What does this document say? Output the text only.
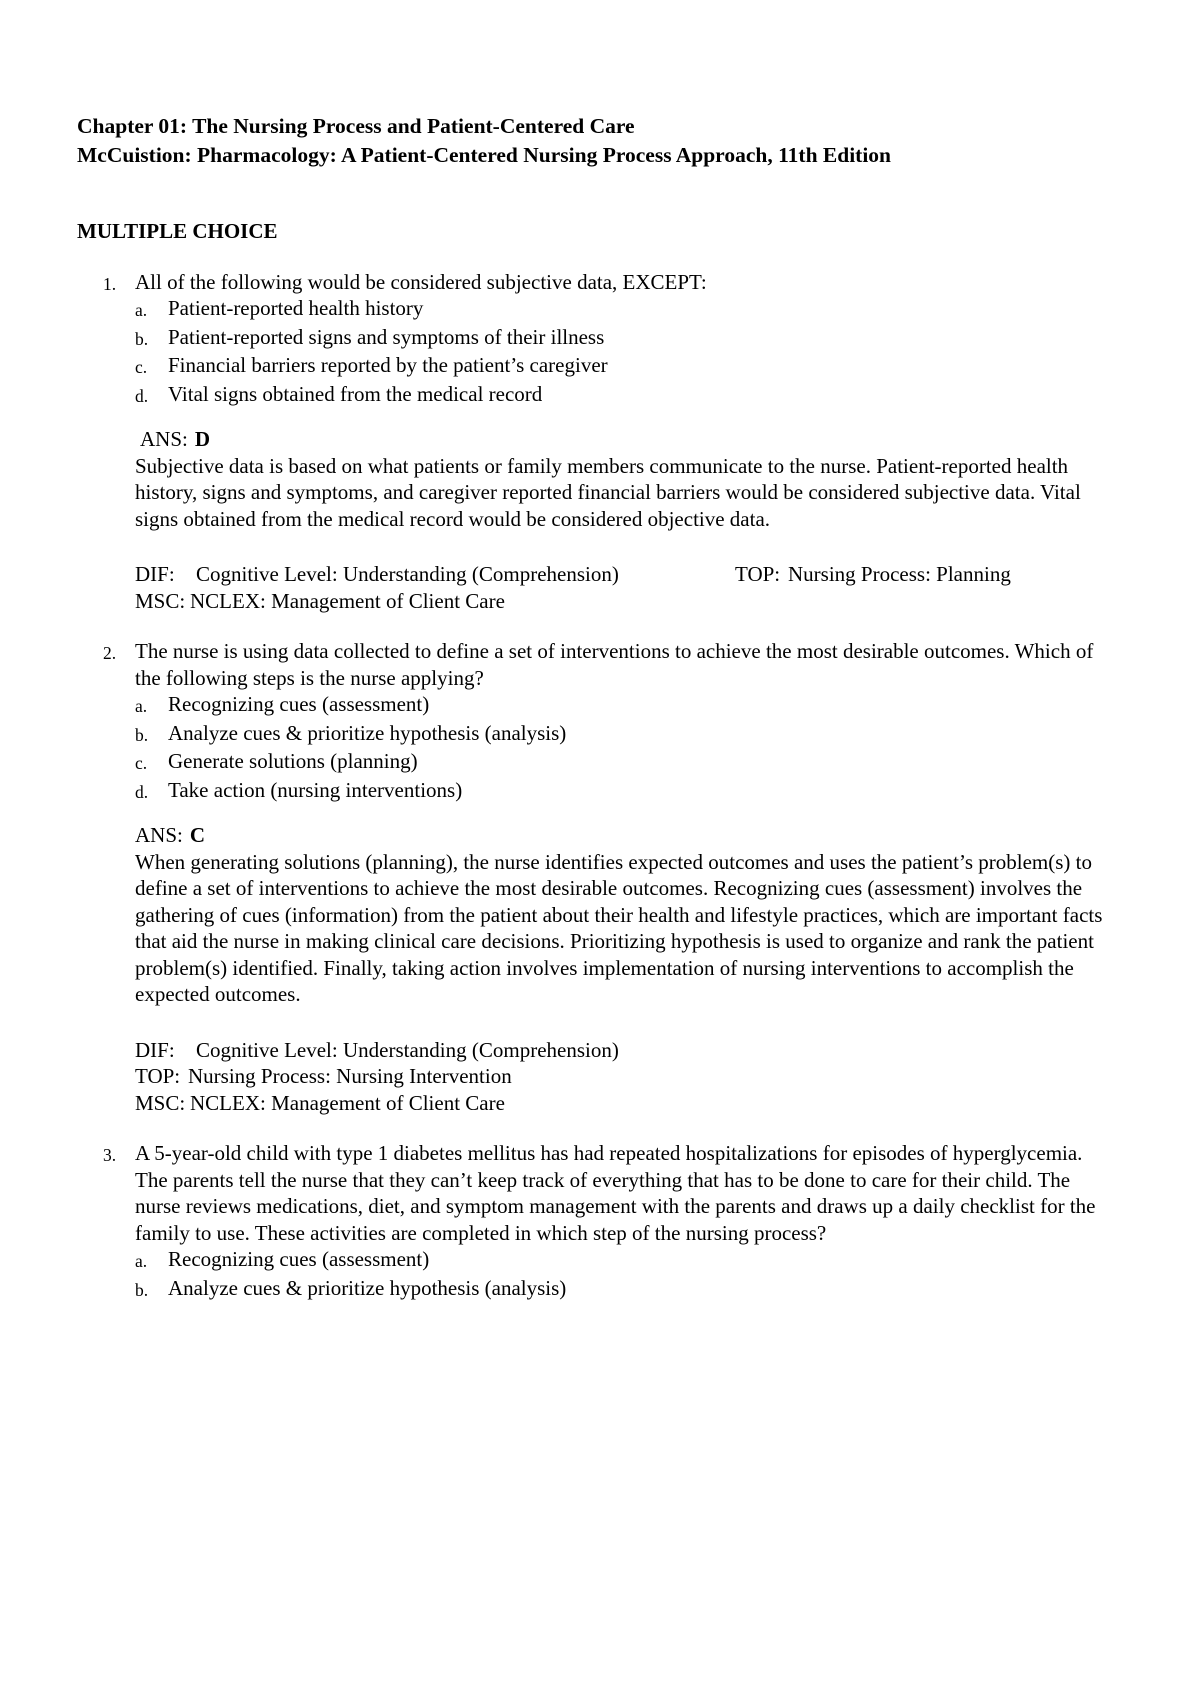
Chapter 01: The Nursing Process and Patient-Centered Care
McCuistion: Pharmacology: A Patient-Centered Nursing Process Approach, 11th Edition
MULTIPLE CHOICE
1. All of the following would be considered subjective data, EXCEPT:
a. Patient-reported health history
b. Patient-reported signs and symptoms of their illness
c. Financial barriers reported by the patient’s caregiver
d. Vital signs obtained from the medical record
ANS: D
Subjective data is based on what patients or family members communicate to the nurse. Patient-reported health history, signs and symptoms, and caregiver reported financial barriers would be considered subjective data. Vital signs obtained from the medical record would be considered objective data.
DIF: Cognitive Level: Understanding (Comprehension)	TOP: Nursing Process: Planning
MSC: NCLEX: Management of Client Care
2. The nurse is using data collected to define a set of interventions to achieve the most desirable outcomes. Which of the following steps is the nurse applying?
a. Recognizing cues (assessment)
b. Analyze cues & prioritize hypothesis (analysis)
c. Generate solutions (planning)
d. Take action (nursing interventions)
ANS: C
When generating solutions (planning), the nurse identifies expected outcomes and uses the patient’s problem(s) to define a set of interventions to achieve the most desirable outcomes. Recognizing cues (assessment) involves the gathering of cues (information) from the patient about their health and lifestyle practices, which are important facts that aid the nurse in making clinical care decisions. Prioritizing hypothesis is used to organize and rank the patient problem(s) identified. Finally, taking action involves implementation of nursing interventions to accomplish the expected outcomes.
DIF: Cognitive Level: Understanding (Comprehension)
TOP: Nursing Process: Nursing Intervention
MSC: NCLEX: Management of Client Care
3. A 5-year-old child with type 1 diabetes mellitus has had repeated hospitalizations for episodes of hyperglycemia. The parents tell the nurse that they can’t keep track of everything that has to be done to care for their child. The nurse reviews medications, diet, and symptom management with the parents and draws up a daily checklist for the family to use. These activities are completed in which step of the nursing process?
a. Recognizing cues (assessment)
b. Analyze cues & prioritize hypothesis (analysis)
